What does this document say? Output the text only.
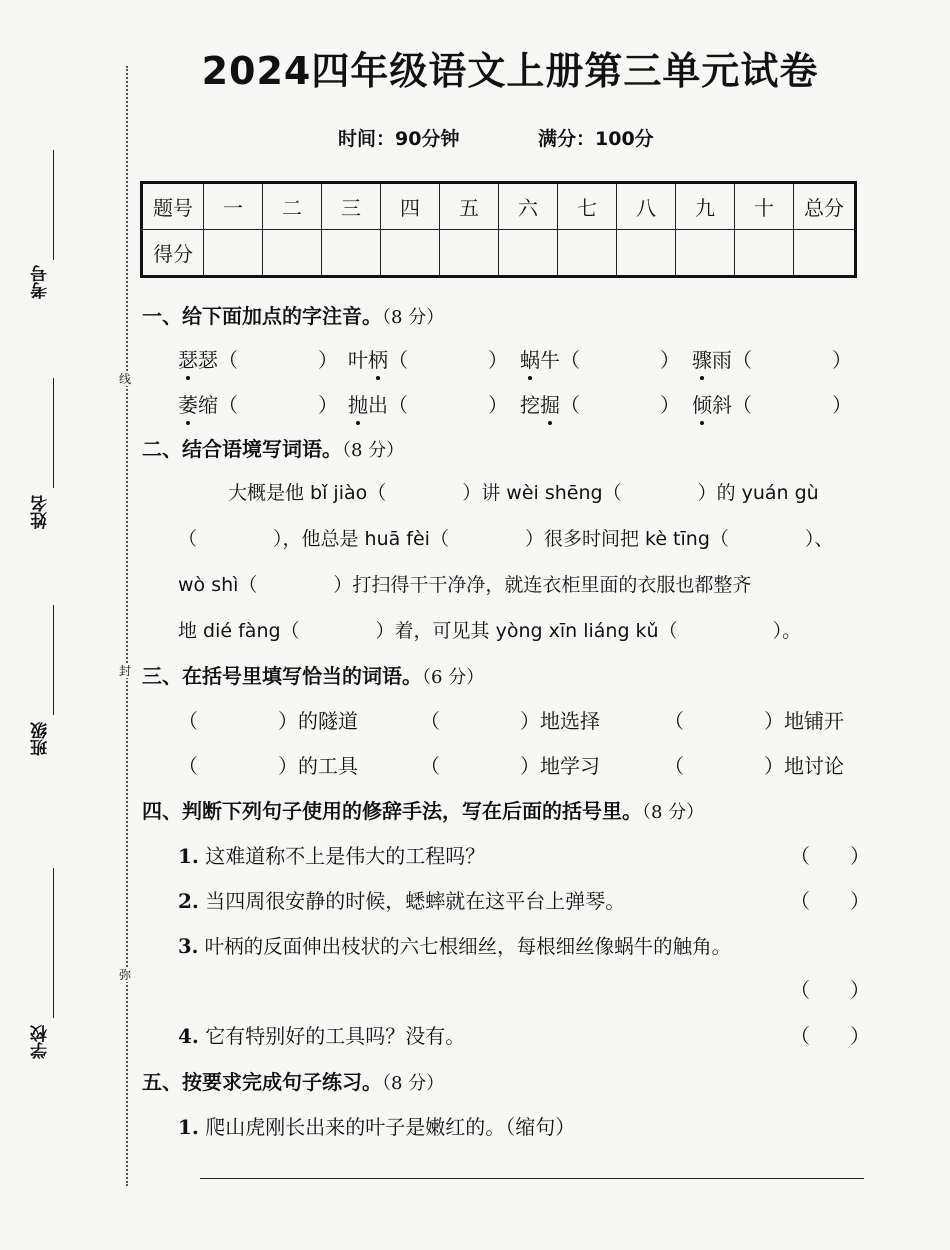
线
封
弥
考号
姓名
班级
学校
2024四年级语文上册第三单元试卷
时间：90分钟	满分：100分
题号	一	二	三	四	五	六	七	八	九	十	总分
得分											
一、给下面加点的字注音。（8 分）
瑟瑟（　　　　） 叶柄（　　　　） 蜗牛（　　　　） 骤雨（　　　　）
萎缩（　　　　） 抛出（　　　　） 挖掘（　　　　） 倾斜（　　　　）
二、结合语境写词语。（8 分）
大概是他 bǐ jiào（　　　　）讲 wèi shēng（　　　　）的 yuán gù
（　　　　），他总是 huā fèi（　　　　）很多时间把 kè tīng（　　　　）、
wò shì（　　　　）打扫得干干净净，就连衣柜里面的衣服也都整齐
地 dié fàng（　　　　）着，可见其 yòng xīn liáng kǔ（　　　　　）。
三、在括号里填写恰当的词语。（6 分）
（　　　　）的隧道	（　　　　）地选择	（　　　　）地铺开
（　　　　）的工具	（　　　　）地学习	（　　　　）地讨论
四、判断下列句子使用的修辞手法，写在后面的括号里。（8 分）
1. 这难道称不上是伟大的工程吗？	（　　）
2. 当四周很安静的时候，蟋蟀就在这平台上弹琴。	（　　）
3. 叶柄的反面伸出枝状的六七根细丝，每根细丝像蜗牛的触角。
（　　）
4. 它有特别好的工具吗？没有。	（　　）
五、按要求完成句子练习。（8 分）
1. 爬山虎刚长出来的叶子是嫩红的。（缩句）
